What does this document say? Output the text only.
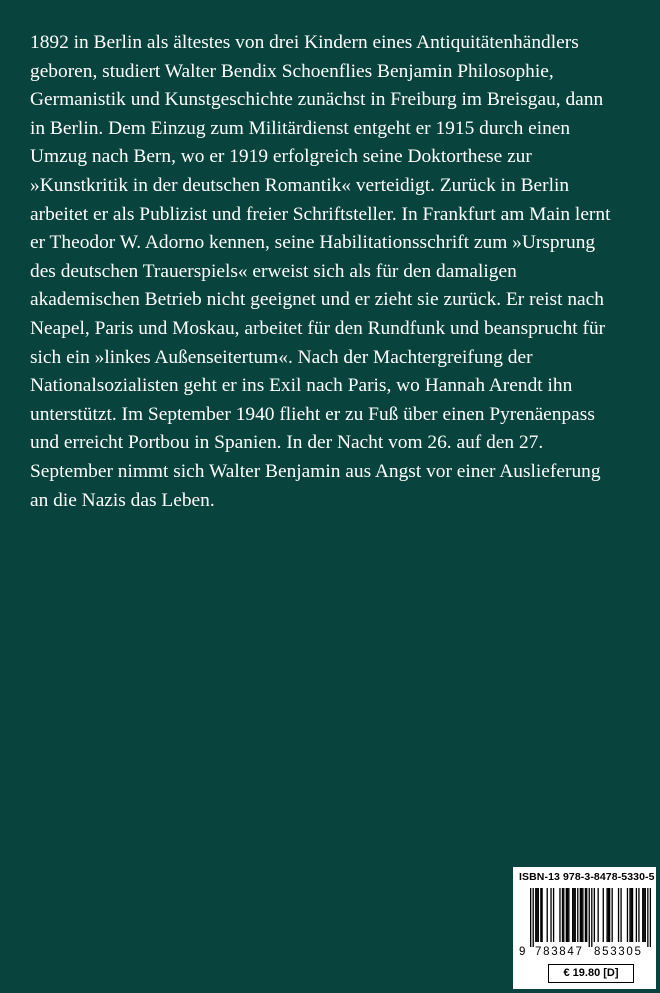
1892 in Berlin als ältestes von drei Kindern eines Antiquitätenhändlers
geboren, studiert Walter Bendix Schoenflies Benjamin Philosophie,
Germanistik und Kunstgeschichte zunächst in Freiburg im Breisgau, dann
in Berlin. Dem Einzug zum Militärdienst entgeht er 1915 durch einen
Umzug nach Bern, wo er 1919 erfolgreich seine Doktorthese zur
»Kunstkritik in der deutschen Romantik« verteidigt. Zurück in Berlin
arbeitet er als Publizist und freier Schriftsteller. In Frankfurt am Main lernt
er Theodor W. Adorno kennen, seine Habilitationsschrift zum »Ursprung
des deutschen Trauerspiels« erweist sich als für den damaligen
akademischen Betrieb nicht geeignet und er zieht sie zurück. Er reist nach
Neapel, Paris und Moskau, arbeitet für den Rundfunk und beansprucht für
sich ein »linkes Außenseitertum«. Nach der Machtergreifung der
Nationalsozialisten geht er ins Exil nach Paris, wo Hannah Arendt ihn
unterstützt. Im September 1940 flieht er zu Fuß über einen Pyrenäenpass
und erreicht Portbou in Spanien. In der Nacht vom 26. auf den 27.
September nimmt sich Walter Benjamin aus Angst vor einer Auslieferung
an die Nazis das Leben.
ISBN-13 978-3-8478-5330-5
9 783847 853305
€ 19.80 [D]
